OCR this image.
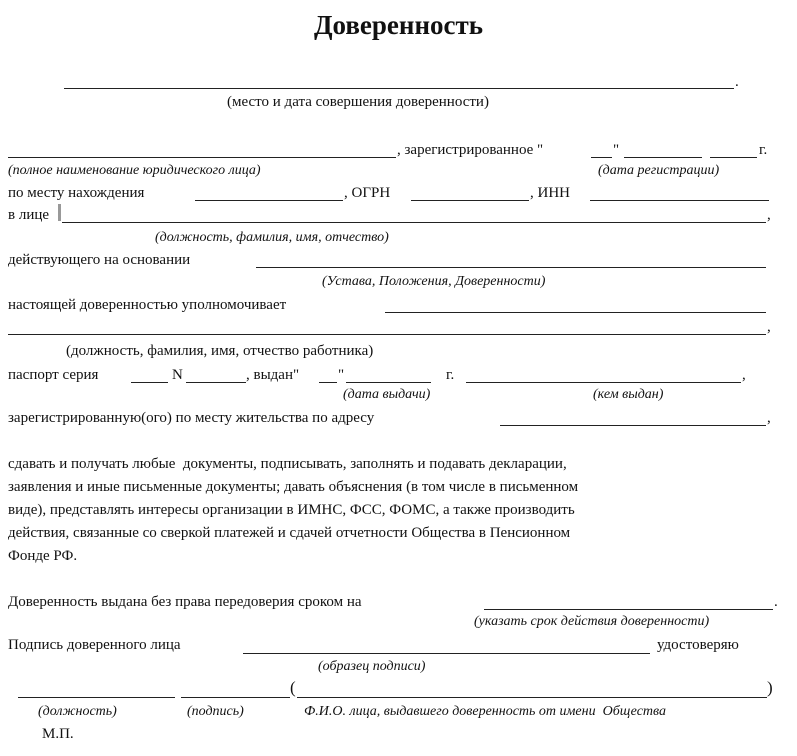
Доверенность
.
(место и дата совершения доверенности)
, зарегистрированное "	"	г.
(полное наименование юридического лица)	(дата регистрации)
по месту нахождения	, ОГРН	, ИНН
в лице	,
(должность, фамилия, имя, отчество)
действующего на основании
(Устава, Положения, Доверенности)
настоящей доверенностью уполномочивает
,
(должность, фамилия, имя, отчество работника)
паспорт серия	N	, выдан"	"	г.	,
(дата выдачи)	(кем выдан)
зарегистрированную(ого) по месту жительства по адресу	,
сдавать и получать любые  документы, подписывать, заполнять и подавать декларации,
заявления и иные письменные документы; давать объяснения (в том числе в письменном
виде), представлять интересы организации в ИМНС, ФСС, ФОМС, а также производить
действия, связанные со сверкой платежей и сдачей отчетности Общества в Пенсионном
Фонде РФ.
Доверенность выдана без права передоверия сроком на	.
(указать срок действия доверенности)
Подпись доверенного лица	удостоверяю
(образец подписи)
(	)
(должность)	(подпись)	Ф.И.О. лица, выдавшего доверенность от имени  Общества
М.П.
